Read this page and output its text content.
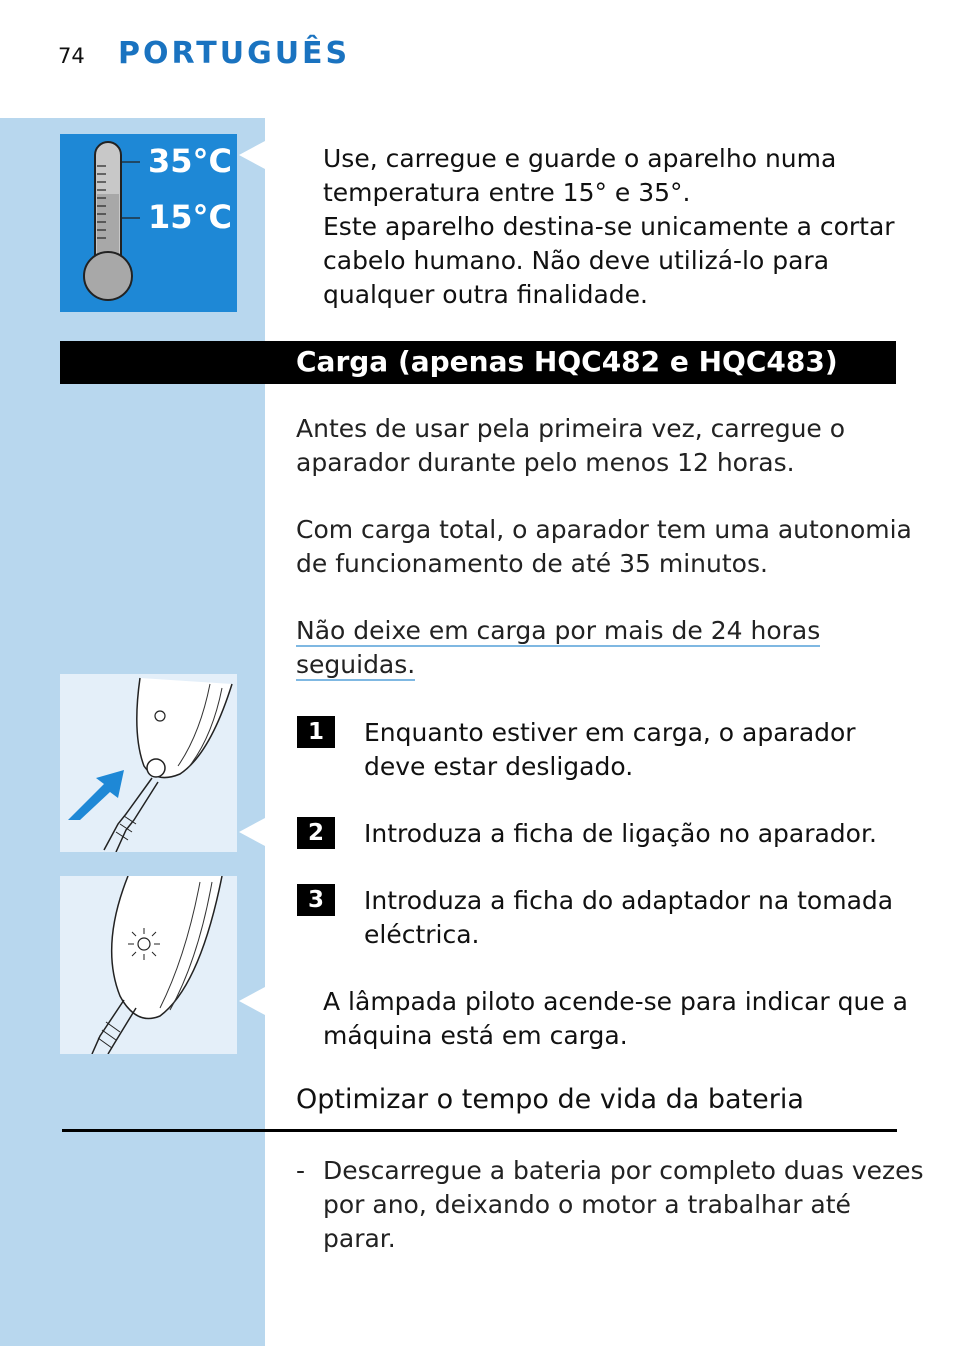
74 PORTUGUÊS
35°C
15°C
Use, carregue e guarde o aparelho numa
temperatura entre 15° e 35°.
Este aparelho destina-se unicamente a cortar
cabelo humano. Não deve utilizá-lo para
qualquer outra finalidade.
Carga (apenas HQC482 e HQC483)
Antes de usar pela primeira vez, carregue o
aparador durante pelo menos 12 horas.
Com carga total, o aparador tem uma autonomia
de funcionamento de até 35 minutos.
Não deixe em carga por mais de 24 horas
seguidas.
1	Enquanto estiver em carga, o aparador
deve estar desligado.
2	Introduza a ficha de ligação no aparador.
3	Introduza a ficha do adaptador na tomada
eléctrica.
A lâmpada piloto acende-se para indicar que a
máquina está em carga.
Optimizar o tempo de vida da bateria
- Descarregue a bateria por completo duas vezes
por ano, deixando o motor a trabalhar até
parar.
